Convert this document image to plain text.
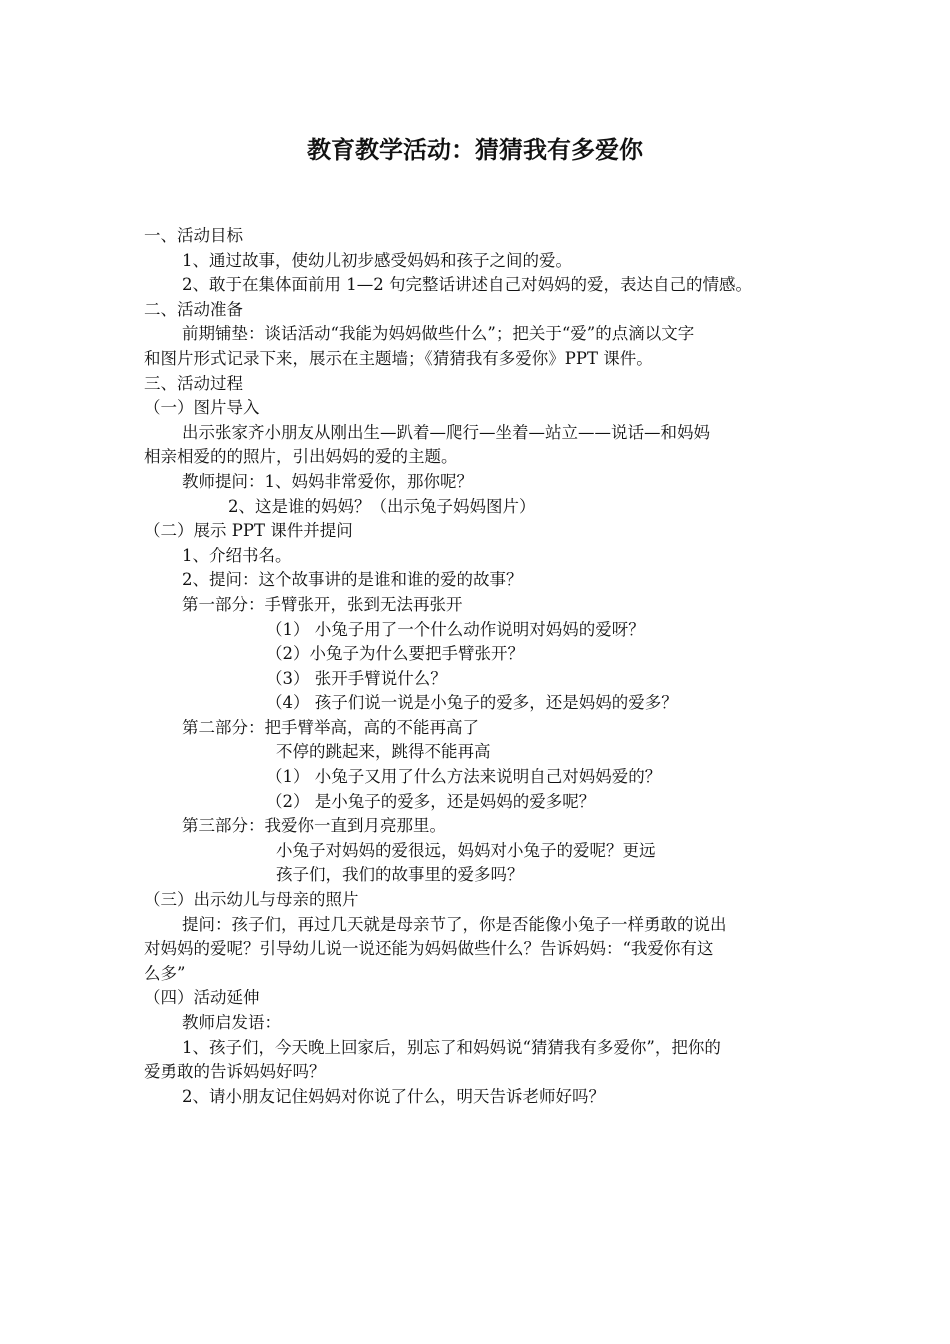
教育教学活动：猜猜我有多爱你
一、活动目标
1、通过故事，使幼儿初步感受妈妈和孩子之间的爱。
2、敢于在集体面前用 1—2 句完整话讲述自己对妈妈的爱，表达自己的情感。
二、活动准备
前期铺垫：谈话活动“我能为妈妈做些什么”；把关于“爱”的点滴以文字
和图片形式记录下来，展示在主题墙；《猜猜我有多爱你》PPT 课件。
三、活动过程
（一）图片导入
出示张家齐小朋友从刚出生—趴着—爬行—坐着—站立——说话—和妈妈
相亲相爱的的照片，引出妈妈的爱的主题。
教师提问：1、妈妈非常爱你，那你呢？
2、这是谁的妈妈？（出示兔子妈妈图片）
（二）展示 PPT 课件并提问
1、介绍书名。
2、提问：这个故事讲的是谁和谁的爱的故事？
第一部分：手臂张开，张到无法再张开
（1） 小兔子用了一个什么动作说明对妈妈的爱呀？
（2）小兔子为什么要把手臂张开？
（3） 张开手臂说什么？
（4） 孩子们说一说是小兔子的爱多，还是妈妈的爱多？
第二部分：把手臂举高，高的不能再高了
不停的跳起来，跳得不能再高
（1） 小兔子又用了什么方法来说明自己对妈妈爱的？
（2） 是小兔子的爱多，还是妈妈的爱多呢？
第三部分：我爱你一直到月亮那里。
小兔子对妈妈的爱很远，妈妈对小兔子的爱呢？更远
孩子们，我们的故事里的爱多吗？
（三）出示幼儿与母亲的照片
提问：孩子们，再过几天就是母亲节了，你是否能像小兔子一样勇敢的说出
对妈妈的爱呢？引导幼儿说一说还能为妈妈做些什么？告诉妈妈：“我爱你有这
么多”
（四）活动延伸
教师启发语：
1、孩子们，今天晚上回家后，别忘了和妈妈说“猜猜我有多爱你”，把你的
爱勇敢的告诉妈妈好吗？
2、请小朋友记住妈妈对你说了什么，明天告诉老师好吗？
